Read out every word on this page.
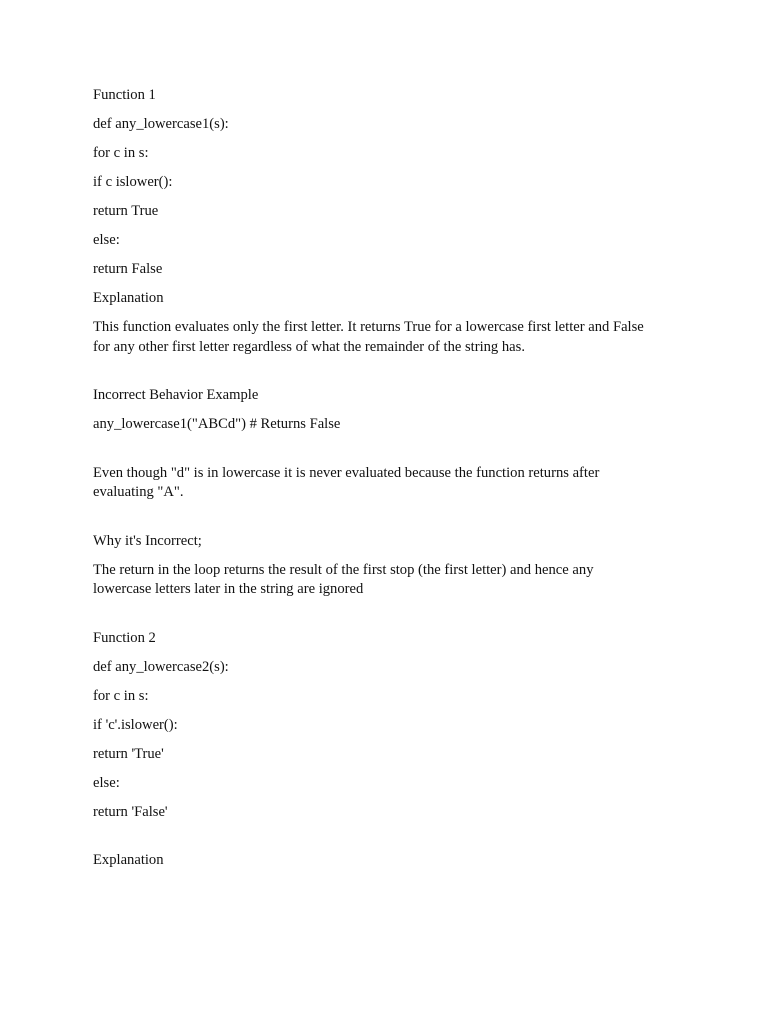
Function 1

def any_lowercase1(s):

for c in s:

if c islower():

return True

else:

return False

Explanation

This function evaluates only the first letter. It returns True for a lowercase first letter and False for any other first letter regardless of what the remainder of the string has.

Incorrect Behavior Example

any_lowercase1("ABCd") # Returns False

Even though "d" is in lowercase it is never evaluated because the function returns after evaluating "A".

Why it's Incorrect;

The return in the loop returns the result of the first stop (the first letter) and hence any lowercase letters later in the string are ignored

Function 2

def any_lowercase2(s):

for c in s:

if 'c'.islower():

return 'True'

else:

return 'False'

Explanation
